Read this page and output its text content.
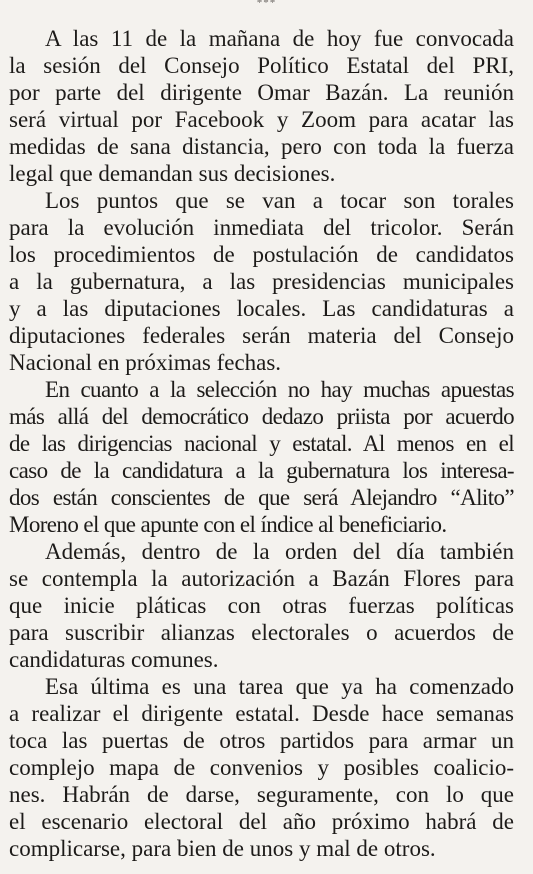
***
A las 11 de la mañana de hoy fue convocada
la sesión del Consejo Político Estatal del PRI,
por parte del dirigente Omar Bazán. La reunión
será virtual por Facebook y Zoom para acatar las
medidas de sana distancia, pero con toda la fuerza
legal que demandan sus decisiones.
Los puntos que se van a tocar son torales
para la evolución inmediata del tricolor. Serán
los procedimientos de postulación de candidatos
a la gubernatura, a las presidencias municipales
y a las diputaciones locales. Las candidaturas a
diputaciones federales serán materia del Consejo
Nacional en próximas fechas.
En cuanto a la selección no hay muchas apuestas
más allá del democrático dedazo priista por acuerdo
de las dirigencias nacional y estatal. Al menos en el
caso de la candidatura a la gubernatura los interesa-
dos están conscientes de que será Alejandro “Alito”
Moreno el que apunte con el índice al beneficiario.
Además, dentro de la orden del día también
se contempla la autorización a Bazán Flores para
que inicie pláticas con otras fuerzas políticas
para suscribir alianzas electorales o acuerdos de
candidaturas comunes.
Esa última es una tarea que ya ha comenzado
a realizar el dirigente estatal. Desde hace semanas
toca las puertas de otros partidos para armar un
complejo mapa de convenios y posibles coalicio-
nes. Habrán de darse, seguramente, con lo que
el escenario electoral del año próximo habrá de
complicarse, para bien de unos y mal de otros.
